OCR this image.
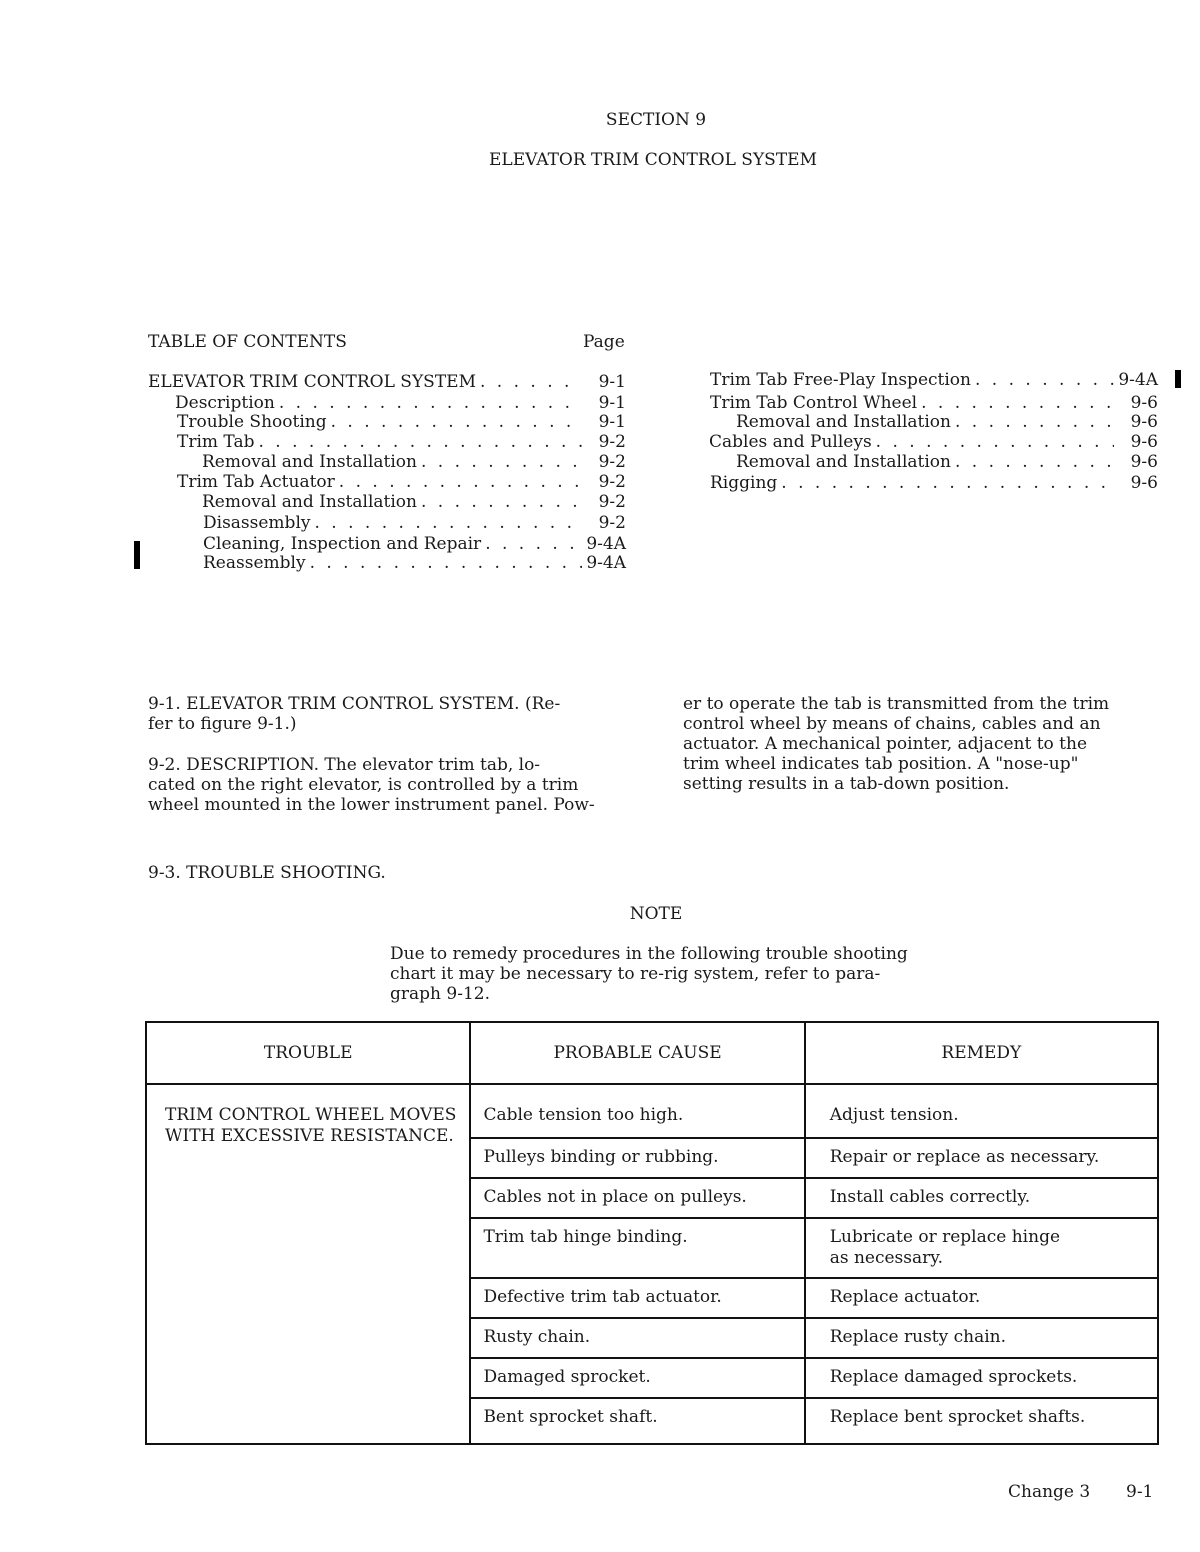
SECTION 9
ELEVATOR TRIM CONTROL SYSTEM
TABLE OF CONTENTS	Page
ELEVATOR TRIM CONTROL SYSTEM . . .	9-1
Description . . .	9-1
Trouble Shooting . . .	9-1
Trim Tab . . .	9-2
Removal and Installation . . .	9-2
Trim Tab Actuator . . .	9-2
Removal and Installation . . .	9-2
Disassembly . . .	9-2
Cleaning, Inspection and Repair . . .	9-4A
Reassembly . . .	9-4A
Trim Tab Free-Play Inspection . . .	9-4A
Trim Tab Control Wheel . . .	9-6
Removal and Installation . . .	9-6
Cables and Pulleys . . .	9-6
Removal and Installation . . .	9-6
Rigging . . .	9-6
9-1. ELEVATOR TRIM CONTROL SYSTEM. (Re-
fer to figure 9-1.)
9-2. DESCRIPTION. The elevator trim tab, lo-
cated on the right elevator, is controlled by a trim
wheel mounted in the lower instrument panel. Pow-
er to operate the tab is transmitted from the trim
control wheel by means of chains, cables and an
actuator. A mechanical pointer, adjacent to the
trim wheel indicates tab position. A "nose-up"
setting results in a tab-down position.
9-3. TROUBLE SHOOTING.
NOTE
Due to remedy procedures in the following trouble shooting
chart it may be necessary to re-rig system, refer to para-
graph 9-12.
TROUBLE	PROBABLE CAUSE	REMEDY

TRIM CONTROL WHEEL MOVES
WITH EXCESSIVE RESISTANCE.	Cable tension too high.	Adjust tension.

	Pulleys binding or rubbing.	Repair or replace as necessary.

	Cables not in place on pulleys.	Install cables correctly.

	Trim tab hinge binding.	Lubricate or replace hinge
as necessary.

	Defective trim tab actuator.	Replace actuator.

	Rusty chain.	Replace rusty chain.

	Damaged sprocket.	Replace damaged sprockets.

	Bent sprocket shaft.	Replace bent sprocket shafts.
Change 3 9-1
